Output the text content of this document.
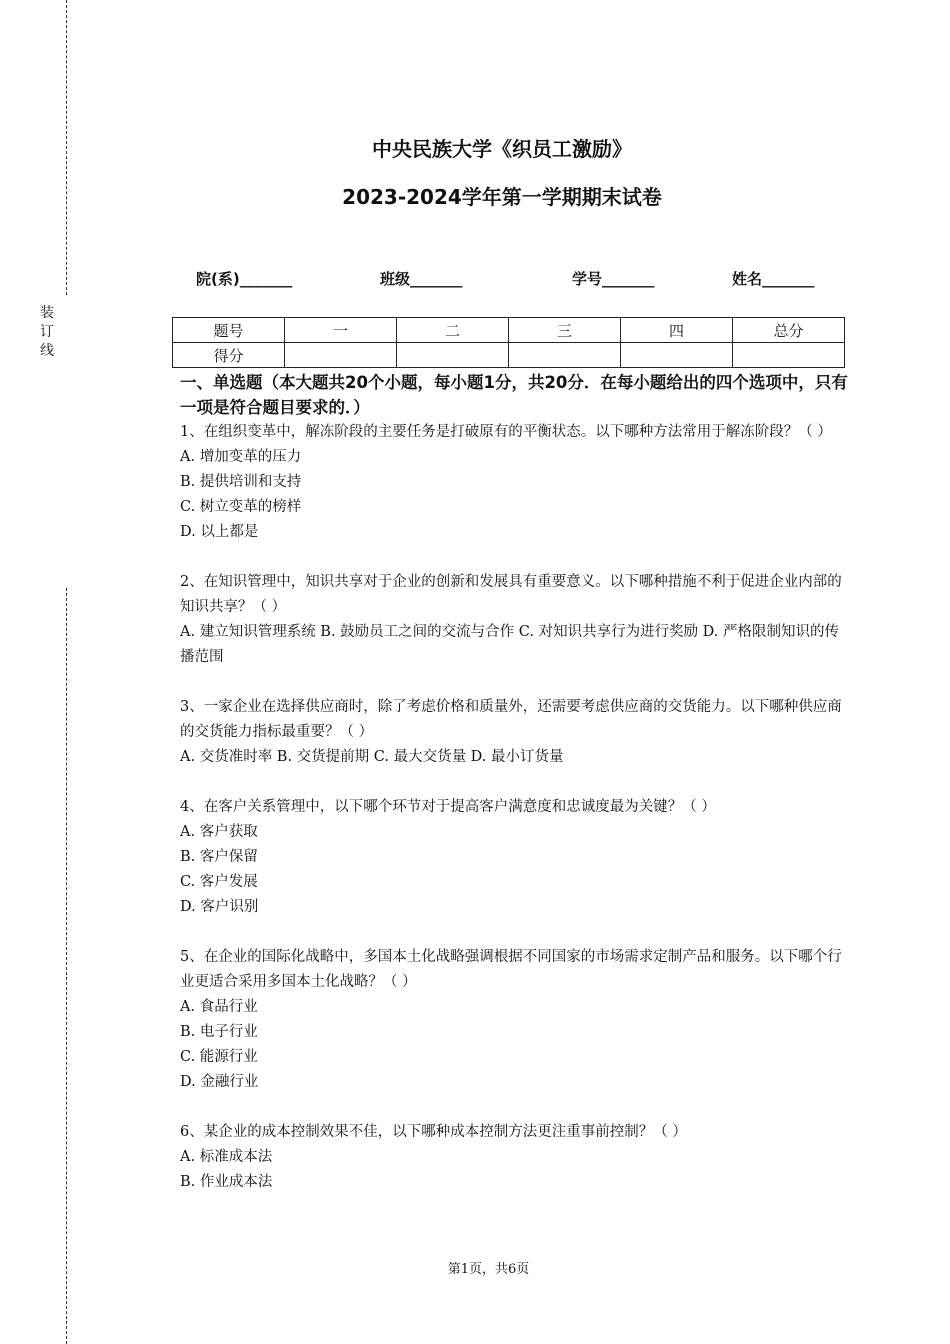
装
订
线
中央民族大学《织员工激励》
2023-2024学年第一学期期末试卷
院(系)_______	班级_______	学号_______	姓名_______
题号	一	二	三	四	总分
得分					

一、单选题（本大题共20个小题，每小题1分，共20分．在每小题给出的四个选项中，只有一项是符合题目要求的．）

1、在组织变革中，解冻阶段的主要任务是打破原有的平衡状态。以下哪种方法常用于解冻阶段？（ ）

A. 增加变革的压力

B. 提供培训和支持

C. 树立变革的榜样

D. 以上都是

2、在知识管理中，知识共享对于企业的创新和发展具有重要意义。以下哪种措施不利于促进企业内部的知识共享？（ ）

A. 建立知识管理系统 B. 鼓励员工之间的交流与合作 C. 对知识共享行为进行奖励 D. 严格限制知识的传播范围

3、一家企业在选择供应商时，除了考虑价格和质量外，还需要考虑供应商的交货能力。以下哪种供应商的交货能力指标最重要？（ ）

A. 交货准时率 B. 交货提前期 C. 最大交货量 D. 最小订货量

4、在客户关系管理中，以下哪个环节对于提高客户满意度和忠诚度最为关键？（ ）

A. 客户获取

B. 客户保留

C. 客户发展

D. 客户识别

5、在企业的国际化战略中，多国本土化战略强调根据不同国家的市场需求定制产品和服务。以下哪个行业更适合采用多国本土化战略？（ ）

A. 食品行业

B. 电子行业

C. 能源行业

D. 金融行业

6、某企业的成本控制效果不佳，以下哪种成本控制方法更注重事前控制？（ ）

A. 标准成本法

B. 作业成本法

第1页，共6页
